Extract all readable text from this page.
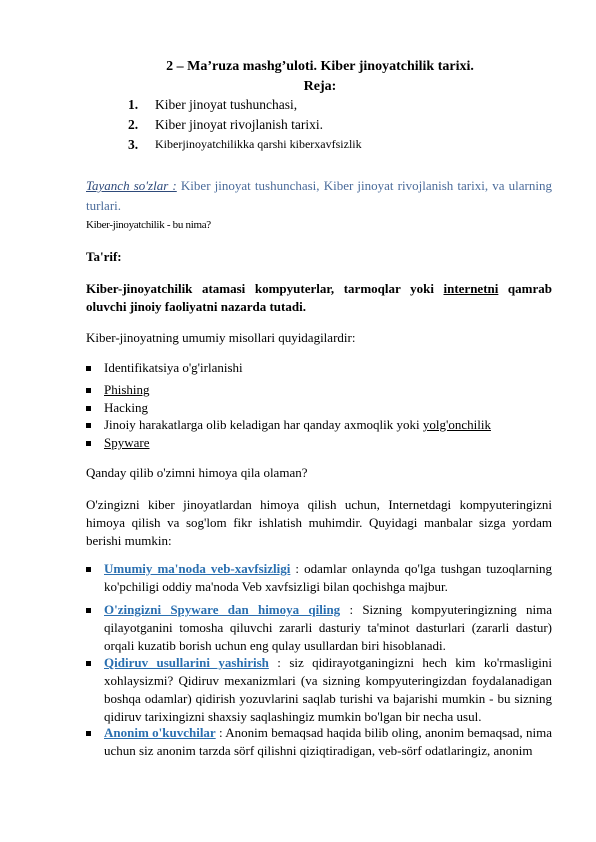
2 – Ma’ruza mashg’uloti. Kiber jinoyatchilik tarixi.
Reja:
1. Kiber jinoyat tushunchasi,
2. Kiber jinoyat rivojlanish tarixi.
3. Kiberjinoyatchilikka qarshi kiberxavfsizlik
Tayanch so'zlar : Kiber jinoyat tushunchasi, Kiber jinoyat rivojlanish tarixi, va ularning turlari.
Kiber-jinoyatchilik - bu nima?
Ta'rif:
Kiber-jinoyatchilik atamasi kompyuterlar, tarmoqlar yoki internetni qamrab oluvchi jinoiy faoliyatni nazarda tutadi.
Kiber-jinoyatning umumiy misollari quyidagilardir:
Identifikatsiya o'g'irlanishi
Phishing
Hacking
Jinoiy harakatlarga olib keladigan har qanday axmoqlik yoki yolg'onchilik
Spyware
Qanday qilib o'zimni himoya qila olaman?
O'zingizni kiber jinoyatlardan himoya qilish uchun, Internetdagi kompyuteringizni himoya qilish va sog'lom fikr ishlatish muhimdir. Quyidagi manbalar sizga yordam berishi mumkin:
Umumiy ma'noda veb-xavfsizligi : odamlar onlaynda qo'lga tushgan tuzoqlarning ko'pchiligi oddiy ma'noda Veb xavfsizligi bilan qochishga majbur.
O'zingizni Spyware dan himoya qiling : Sizning kompyuteringizning nima qilayotganini tomosha qiluvchi zararli dasturiy ta'minot dasturlari (zararli dastur) orqali kuzatib borish uchun eng qulay usullardan biri hisoblanadi.
Qidiruv usullarini yashirish : siz qidirayotganingizni hech kim ko'rmasligini xohlaysizmi? Qidiruv mexanizmlari (va sizning kompyuteringizdan foydalanadigan boshqa odamlar) qidirish yozuvlarini saqlab turishi va bajarishi mumkin - bu sizning qidiruv tarixingizni shaxsiy saqlashingiz mumkin bo'lgan bir necha usul.
Anonim o'kuvchilar : Anonim bemaqsad haqida bilib oling, anonim bemaqsad, nima uchun siz anonim tarzda sörf qilishni qiziqtiradigan, veb-sörf odatlaringiz, anonim
